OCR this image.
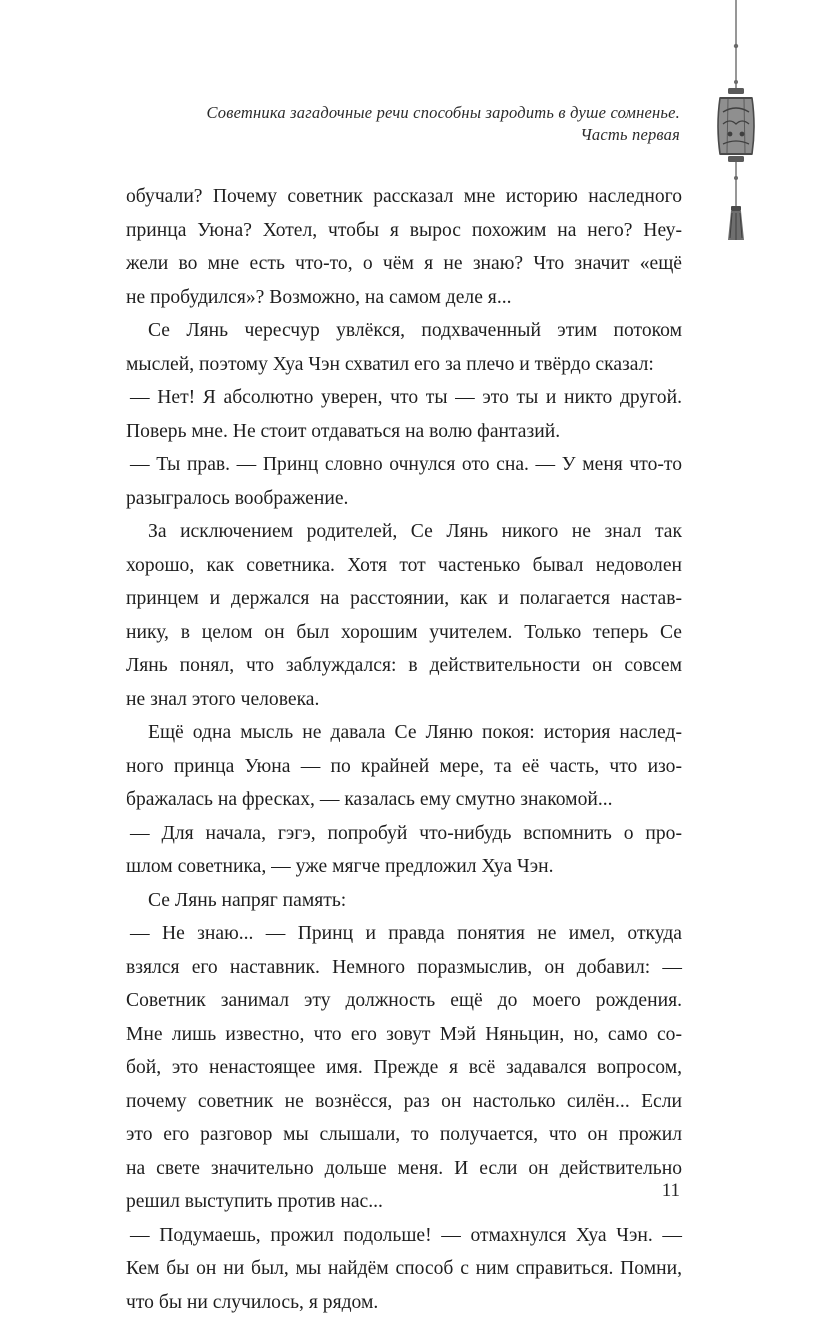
Советника загадочные речи способны зародить в душе сомненье.
Часть первая
обучали? Почему советник рассказал мне историю наследного
принца Уюна? Хотел, чтобы я вырос похожим на него? Неу-
жели во мне есть что-то, о чём я не знаю? Что значит «ещё
не пробудился»? Возможно, на самом деле я...
Се Лянь чересчур увлёкся, подхваченный этим потоком
мыслей, поэтому Хуа Чэн схватил его за плечо и твёрдо сказал:
— Нет! Я абсолютно уверен, что ты — это ты и никто другой.
Поверь мне. Не стоит отдаваться на волю фантазий.
— Ты прав. — Принц словно очнулся ото сна. — У меня что-то
разыгралось воображение.
За исключением родителей, Се Лянь никого не знал так
хорошо, как советника. Хотя тот частенько бывал недоволен
принцем и держался на расстоянии, как и полагается настав-
нику, в целом он был хорошим учителем. Только теперь Се
Лянь понял, что заблуждался: в действительности он совсем
не знал этого человека.
Ещё одна мысль не давала Се Ляню покоя: история наслед-
ного принца Уюна — по крайней мере, та её часть, что изо-
бражалась на фресках, — казалась ему смутно знакомой...
— Для начала, гэгэ, попробуй что-нибудь вспомнить о про-
шлом советника, — уже мягче предложил Хуа Чэн.
Се Лянь напряг память:
— Не знаю... — Принц и правда понятия не имел, откуда
взялся его наставник. Немного поразмыслив, он добавил: —
Советник занимал эту должность ещё до моего рождения.
Мне лишь известно, что его зовут Мэй Няньцин, но, само со-
бой, это ненастоящее имя. Прежде я всё задавался вопросом,
почему советник не вознёсся, раз он настолько силён... Если
это его разговор мы слышали, то получается, что он прожил
на свете значительно дольше меня. И если он действительно
решил выступить против нас...
— Подумаешь, прожил подольше! — отмахнулся Хуа Чэн. —
Кем бы он ни был, мы найдём способ с ним справиться. Помни,
что бы ни случилось, я рядом.
11
